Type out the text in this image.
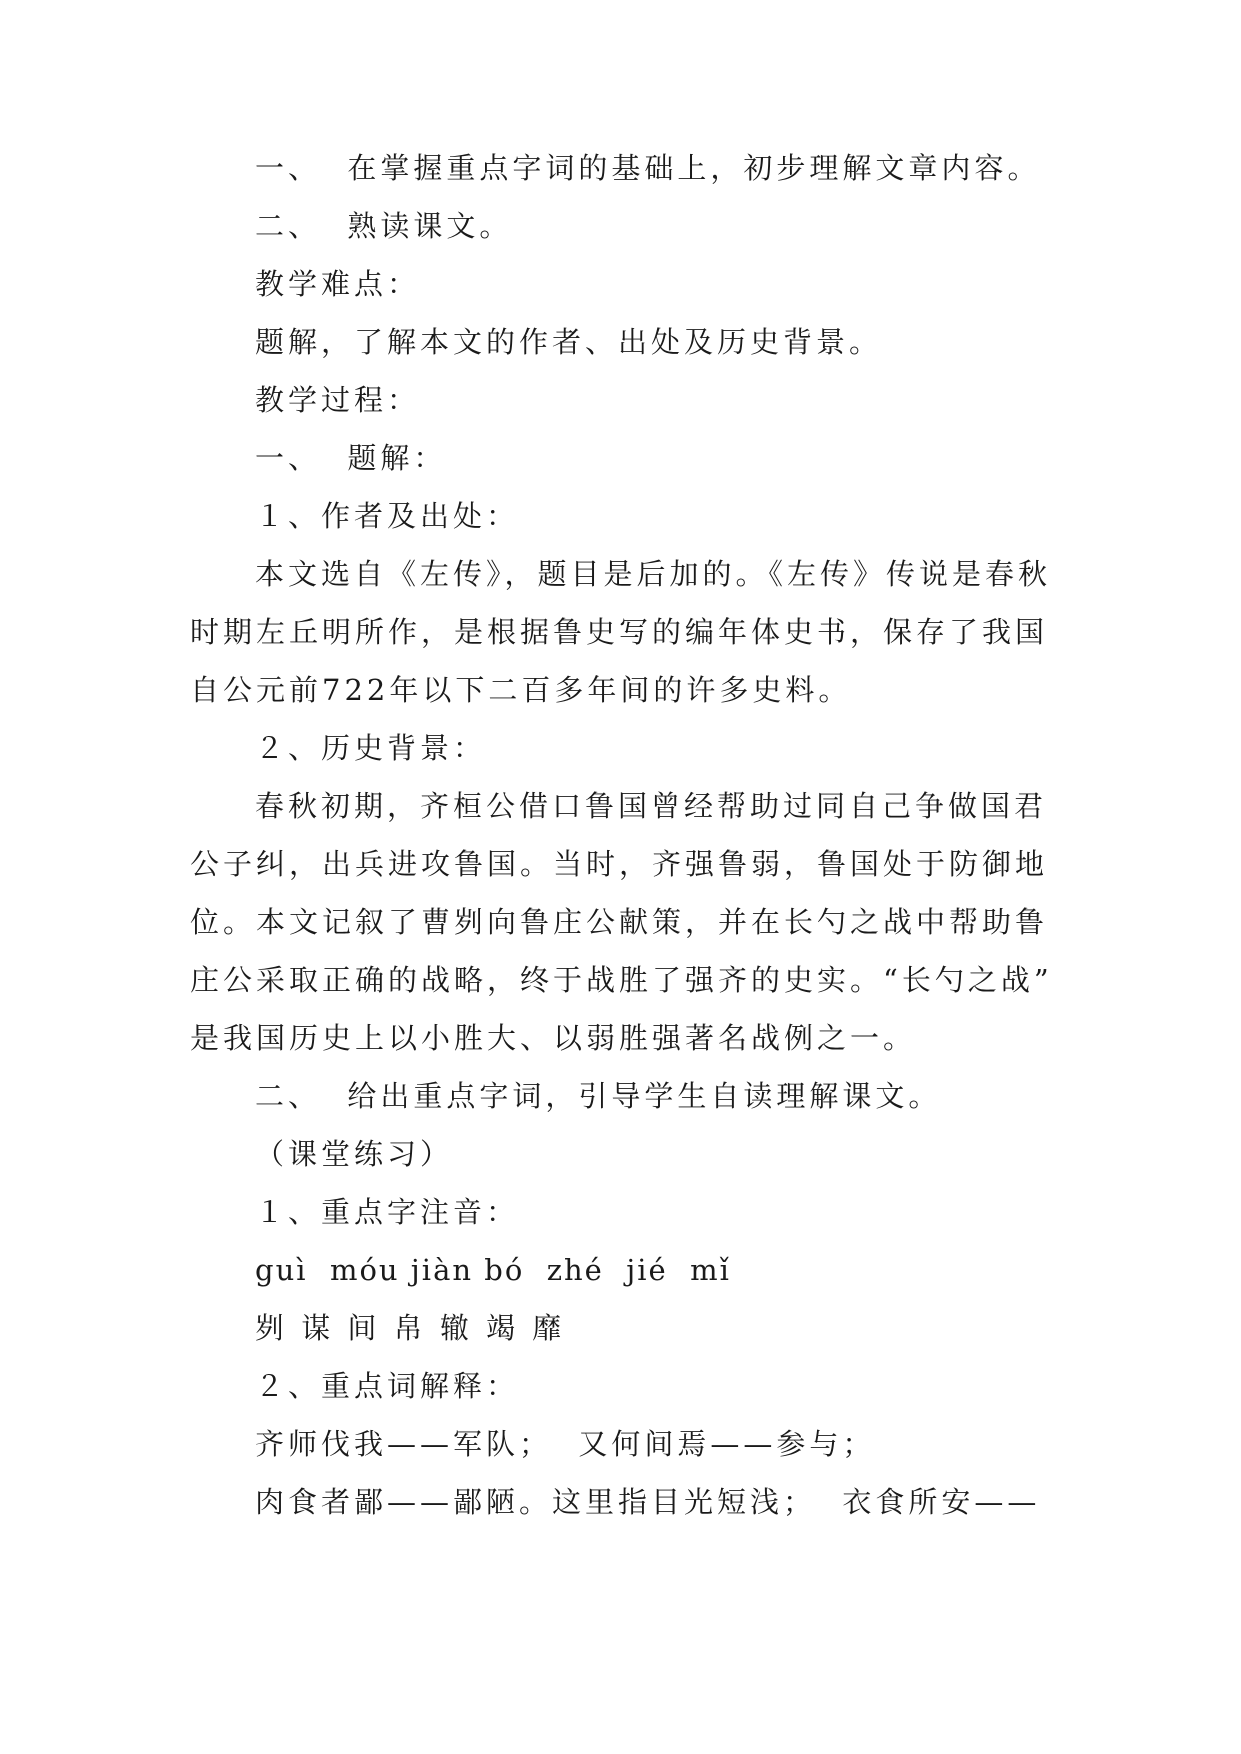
一、  在掌握重点字词的基础上，初步理解文章内容。

二、  熟读课文。

教学难点：

题解，了解本文的作者、出处及历史背景。

教学过程：

一、  题解：

１、作者及出处：

本文选自《左传》，题目是后加的。《左传》传说是春秋

时期左丘明所作，是根据鲁史写的编年体史书，保存了我国

自公元前722年以下二百多年间的许多史料。

２、历史背景：

春秋初期，齐桓公借口鲁国曾经帮助过同自己争做国君

公子纠，出兵进攻鲁国。当时，齐强鲁弱，鲁国处于防御地

位。本文记叙了曹刿向鲁庄公献策，并在长勺之战中帮助鲁

庄公采取正确的战略，终于战胜了强齐的史实。“长勺之战”

是我国历史上以小胜大、以弱胜强著名战例之一。

二、  给出重点字词，引导学生自读理解课文。

（课堂练习）

１、重点字注音：

guì  móu jiàn bó  zhé  jié  mǐ

刿 谋 间 帛 辙 竭 靡

２、重点词解释：

齐师伐我——军队；  又何间焉——参与；

肉食者鄙——鄙陋。这里指目光短浅；  衣食所安——
